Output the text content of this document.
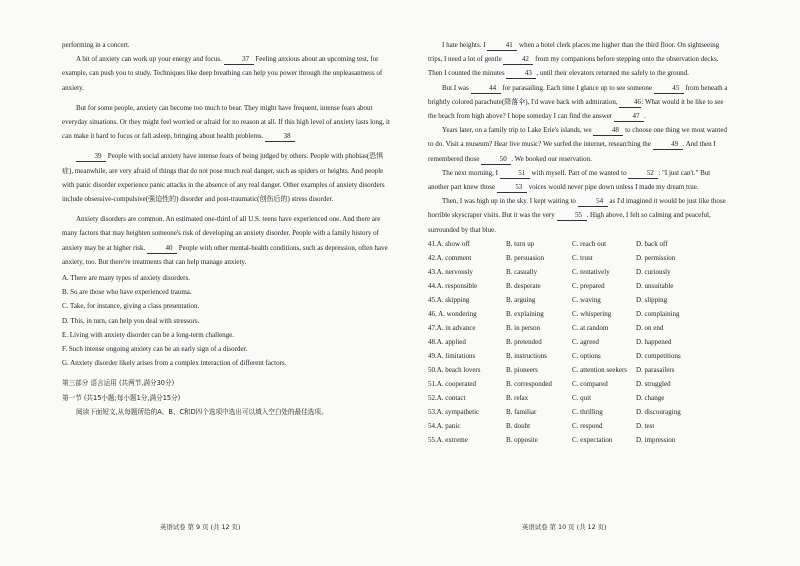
performing in a concert.

A bit of anxiety can work up your energy and focus.	37 Feeling anxious about an upcoming test, for example, can push you to study. Techniques like deep breathing can help you power through the unpleasantness of anxiety.

But for some people, anxiety can become too much to bear. They might have frequent, intense fears about everyday situations. Or they might feel worried or afraid for no reason at all. If this high level of anxiety lasts long, it can make it hard to focus or fall asleep, bringing about health problems.	38

39 People with social anxiety have intense fears of being judged by others. People with phobias(恐惧症), meanwhile, are very afraid of things that do not pose much real danger, such as spiders or heights. And people with panic disorder experience panic attacks in the absence of any real danger. Other examples of anxiety disorders include obsessive-compulsive(强迫性的) disorder and post-traumatic(创伤后的) stress disorder.

Anxiety disorders are common. An estimated one-third of all U.S. teens have experienced one. And there are many factors that may heighten someone's risk of developing an anxiety disorder. People with a family history of anxiety may be at higher risk.	40 People with other mental-health conditions, such as depression, often have anxiety, too. But there're treatments that can help manage anxiety.

A. There are many types of anxiety disorders.
B. So are those who have experienced trauma.
C. Take, for instance, giving a class presentation.
D. This, in turn, can help you deal with stressors.
E. Living with anxiety disorder can be a long-term challenge.
F. Such intense ongoing anxiety can be an early sign of a disorder.
G. Anxiety disorder likely arises from a complex interaction of different factors.

第三部分 语言运用 (共两节,满分30分)

第一节 (共15小题;每小题1分,满分15分)

阅读下面短文,从每题所给的A、B、C和D四个选项中选出可以填入空白处的最佳选项。

英语试卷 第 9 页 (共 12 页)

I hate heights. I	41 when a hotel clerk places me higher than the third floor. On sightseeing trips, I need a lot of gentle	42 from my companions before stepping onto the observation decks. Then I counted the minutes	43 , until their elevators returned me safely to the ground.

But I was	44 for parasailing. Each time I glance up to see someone	45 from beneath a brightly colored parachute(降落伞), I'd wave back with admiration, 46: What would it be like to see the beach from high above? I hope someday I can find the answer	47 .

Years later, on a family trip to Lake Erie's islands, we	48 to choose one thing we most wanted to do. Visit a museum? Hear live music? We surfed the internet, researching the	49 . And then I remembered those	50 . We booked our reservation.

The next morning, I	51 with myself. Part of me wanted to	52 : "I just can't." But another part knew those	53 voices would never pipe down unless I made my dream true.

Then, I was high up in the sky. I kept waiting to	54 as I'd imagined it would be just like those horrible skyscraper visits. But it was the very	55 . High above, I felt so calming and peaceful, surrounded by that blue.

41.A. show off	B. turn up	C. reach out	D. back off
42.A. comment	B. persuasion	C. trust	D. permission
43.A. nervously	B. casually	C. tentatively	D. curiously
44.A. responsible	B. desperate	C. prepared	D. unsuitable
45.A. skipping	B. arguing	C. waving	D. slipping
46. A. wondering	B. explaining	C. whispering	D. complaining
47.A. in advance	B. in person	C. at random	D. on end
48.A. applied	B. pretended	C. agreed	D. happened
49.A. limitations	B. instructions	C. options	D. competitions
50.A. beach lovers	B. pioneers	C. attention seekers	D. parasailers
51.A. cooperated	B. corresponded	C. compared	D. struggled
52.A. contact	B. relax	C. quit	D. change
53.A. sympathetic	B. familiar	C. thrilling	D. discouraging
54.A. panic	B. doubt	C. respond	D. test
55.A. extreme	B. opposite	C. expectation	D. impression
英语试卷 第 10 页 (共 12 页)
